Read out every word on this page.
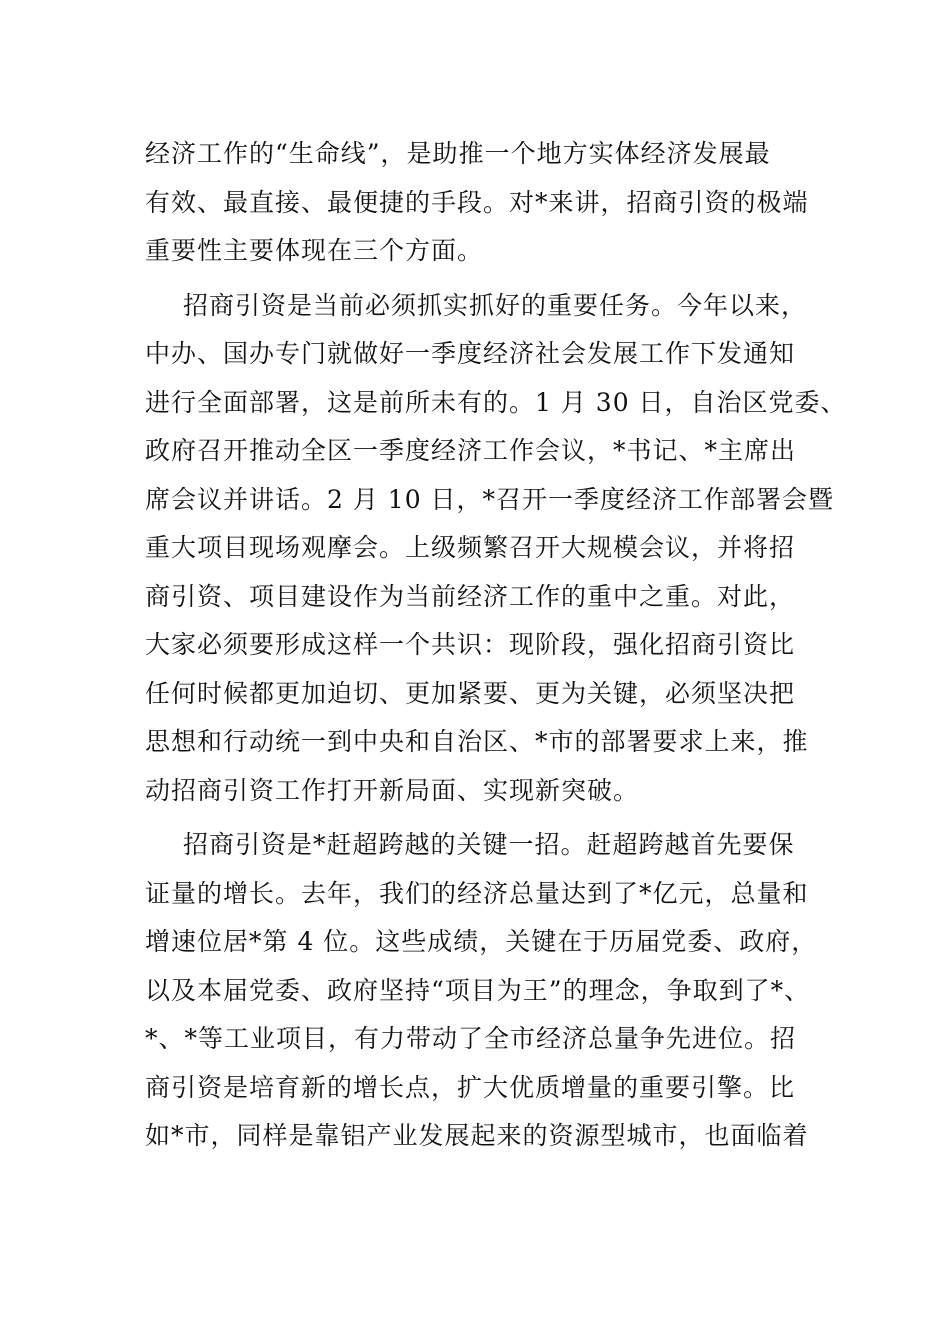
经济工作的“生命线”，是助推一个地方实体经济发展最
有效、最直接、最便捷的手段。对*来讲，招商引资的极端
重要性主要体现在三个方面。
招商引资是当前必须抓实抓好的重要任务。今年以来，
中办、国办专门就做好一季度经济社会发展工作下发通知
进行全面部署，这是前所未有的。1 月 30 日，自治区党委、
政府召开推动全区一季度经济工作会议，*书记、*主席出
席会议并讲话。2 月 10 日，*召开一季度经济工作部署会暨
重大项目现场观摩会。上级频繁召开大规模会议，并将招
商引资、项目建设作为当前经济工作的重中之重。对此，
大家必须要形成这样一个共识：现阶段，强化招商引资比
任何时候都更加迫切、更加紧要、更为关键，必须坚决把
思想和行动统一到中央和自治区、*市的部署要求上来，推
动招商引资工作打开新局面、实现新突破。
招商引资是*赶超跨越的关键一招。赶超跨越首先要保
证量的增长。去年，我们的经济总量达到了*亿元，总量和
增速位居*第 4 位。这些成绩，关键在于历届党委、政府，
以及本届党委、政府坚持“项目为王”的理念，争取到了*、
*、*等工业项目，有力带动了全市经济总量争先进位。招
商引资是培育新的增长点，扩大优质增量的重要引擎。比
如*市，同样是靠铝产业发展起来的资源型城市，也面临着
